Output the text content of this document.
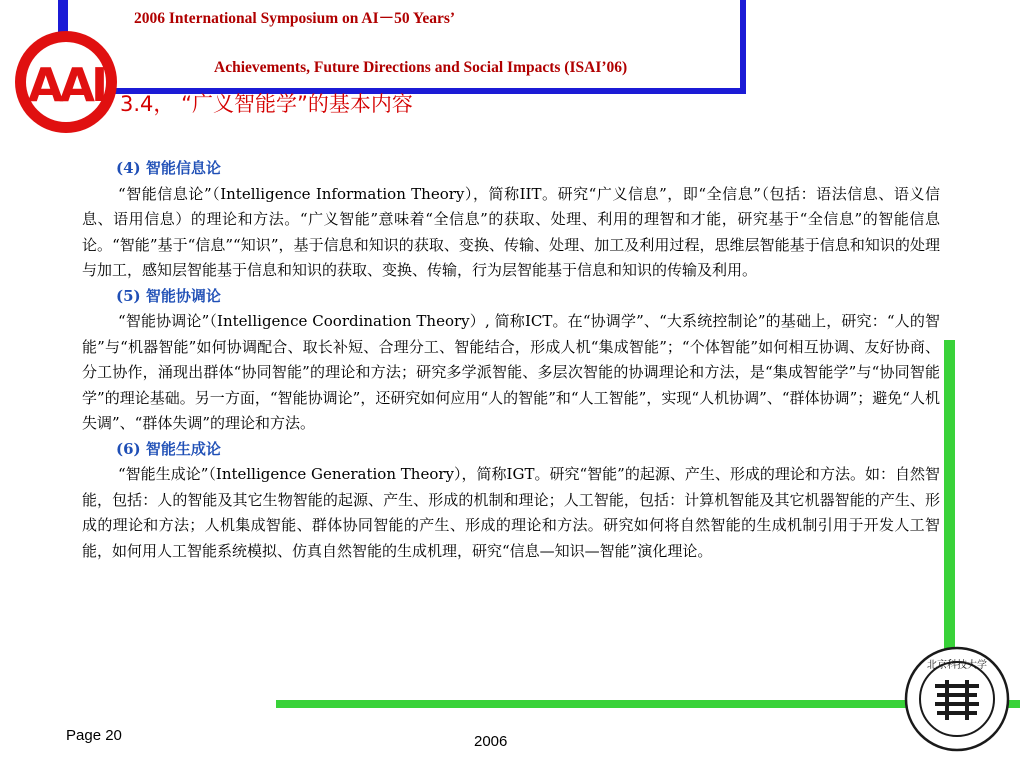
AAI
2006 International Symposium on AI－50 Years’
Achievements, Future Directions and Social Impacts (ISAI’06)
3.4， “广义智能学”的基本内容
(4) 智能信息论

“智能信息论”（Intelligence Information Theory），简称IIT。研究“广义信息”，即“全信息”（包括：语法信息、语义信息、语用信息）的理论和方法。“广义智能”意味着“全信息”的获取、处理、利用的理智和才能，研究基于“全信息”的智能信息论。“智能”基于“信息”“知识”，基于信息和知识的获取、变换、传输、处理、加工及利用过程，思维层智能基于信息和知识的处理与加工，感知层智能基于信息和知识的获取、变换、传输，行为层智能基于信息和知识的传输及利用。

(5) 智能协调论

“智能协调论”（Intelligence Coordination Theory）, 简称ICT。在“协调学”、“大系统控制论”的基础上，研究：“人的智能”与“机器智能”如何协调配合、取长补短、合理分工、智能结合，形成人机“集成智能”；“个体智能”如何相互协调、友好协商、分工协作，涌现出群体“协同智能”的理论和方法；研究多学派智能、多层次智能的协调理论和方法，是“集成智能学”与“协同智能学”的理论基础。另一方面，“智能协调论”，还研究如何应用“人的智能”和“人工智能”，实现“人机协调”、“群体协调”；避免“人机失调”、“群体失调”的理论和方法。

(6) 智能生成论

“智能生成论”（Intelligence Generation Theory），简称IGT。研究“智能”的起源、产生、形成的理论和方法。如：自然智能，包括：人的智能及其它生物智能的起源、产生、形成的机制和理论；人工智能，包括：计算机智能及其它机器智能的产生、形成的理论和方法；人机集成智能、群体协同智能的产生、形成的理论和方法。研究如何将自然智能的生成机制引用于开发人工智能，如何用人工智能系统模拟、仿真自然智能的生成机理，研究“信息—知识—智能”演化理论。

北京科技大学
Page 20	2006
